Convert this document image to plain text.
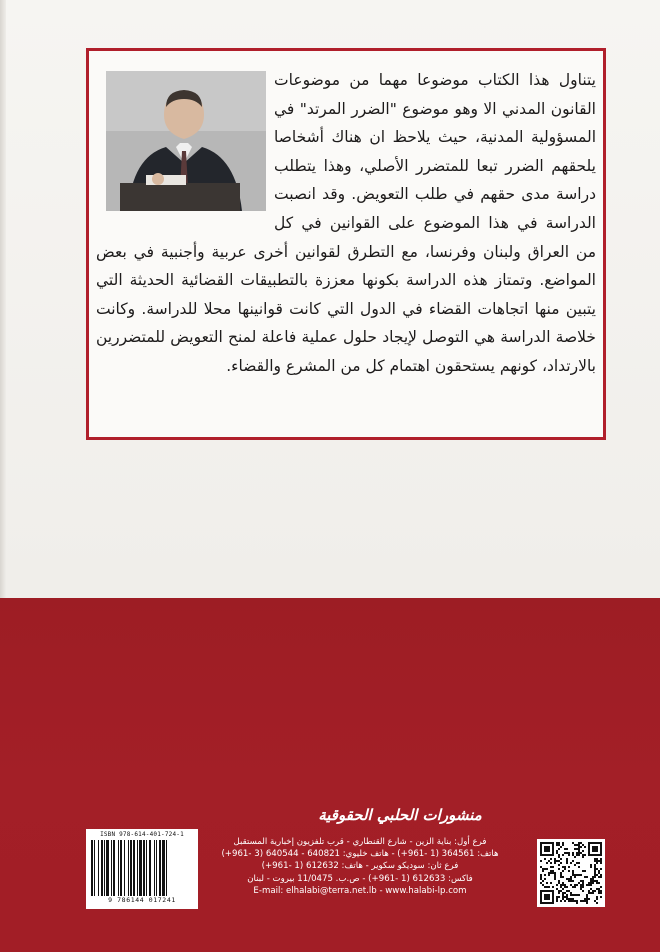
يتناول هذا الكتاب موضوعا مهما من موضوعات القانون المدني الا وهو موضوع "الضرر المرتد" في المسؤولية المدنية، حيث يلاحظ ان هناك أشخاصا يلحقهم الضرر تبعا للمتضرر الأصلي، وهذا يتطلب دراسة مدى حقهم في طلب التعويض. وقد انصبت الدراسة في هذا الموضوع على القوانين في كل من العراق ولبنان وفرنسا، مع التطرق لقوانين أخرى عربية وأجنبية في بعض المواضع. وتمتاز هذه الدراسة بكونها معززة بالتطبيقات القضائية الحديثة التي يتبين منها اتجاهات القضاء في الدول التي كانت قوانينها محلا للدراسة. وكانت خلاصة الدراسة هي التوصل لإيجاد حلول عملية فاعلة لمنح التعويض للمتضررين بالارتداد، كونهم يستحقون اهتمام كل من المشرع والقضاء.

منشورات الحلبي الحقوقية
فرع أول: بناية الزين - شارع القنطاري - قرب تلفزيون إخبارية المستقبل
هاتف: 364561 (1 -961+) - هاتف خليوي: 640821 - 640544 (3 -961+)
فرع ثان: سوديكو سكوير - هاتف: 612632 (1 -961+)
فاكس: 612633 (1 -961+) - ص.ب. 11/0475 بيروت - لبنان
E-mail: elhalabi@terra.net.lb - www.halabi-lp.com
ISBN 978-614-401-724-1
9 786144 017241
